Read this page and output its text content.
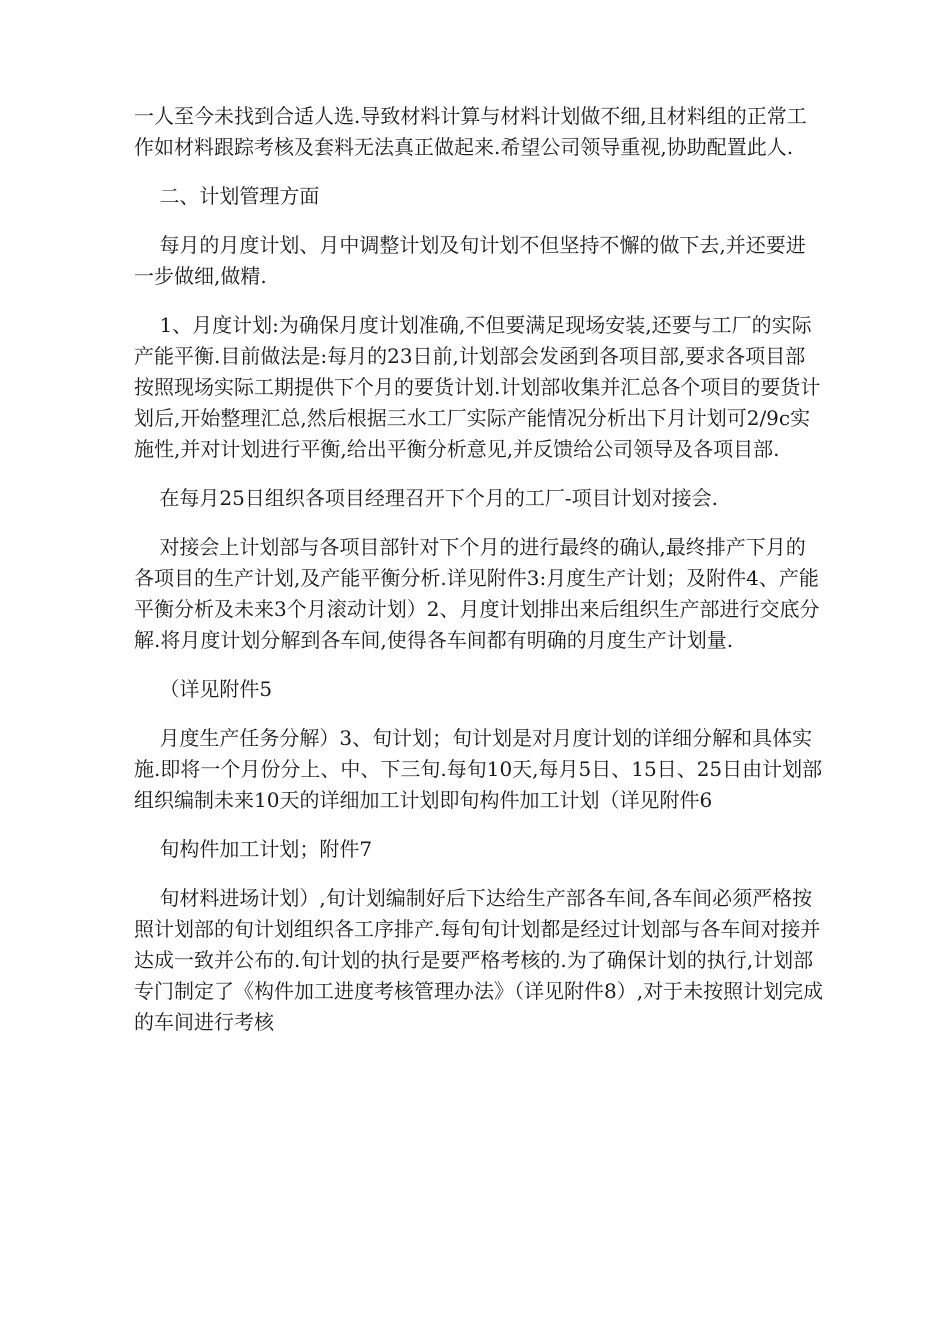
一人至今未找到合适人选.导致材料计算与材料计划做不细,且材料组的正常工作如材料跟踪考核及套料无法真正做起来.希望公司领导重视,协助配置此人.

二、计划管理方面

每月的月度计划、月中调整计划及旬计划不但坚持不懈的做下去,并还要进一步做细,做精.

1、月度计划:为确保月度计划准确,不但要满足现场安装,还要与工厂的实际产能平衡.目前做法是:每月的23日前,计划部会发函到各项目部,要求各项目部按照现场实际工期提供下个月的要货计划.计划部收集并汇总各个项目的要货计划后,开始整理汇总,然后根据三水工厂实际产能情况分析出下月计划可2/9c实施性,并对计划进行平衡,给出平衡分析意见,并反馈给公司领导及各项目部.

在每月25日组织各项目经理召开下个月的工厂-项目计划对接会.

对接会上计划部与各项目部针对下个月的进行最终的确认,最终排产下月的各项目的生产计划,及产能平衡分析.详见附件3:月度生产计划；及附件4、产能平衡分析及未来3个月滚动计划）2、月度计划排出来后组织生产部进行交底分解.将月度计划分解到各车间,使得各车间都有明确的月度生产计划量.

（详见附件5

月度生产任务分解）3、旬计划；旬计划是对月度计划的详细分解和具体实施.即将一个月份分上、中、下三旬.每旬10天,每月5日、15日、25日由计划部组织编制未来10天的详细加工计划即旬构件加工计划（详见附件6

旬构件加工计划；附件7

旬材料进场计划）,旬计划编制好后下达给生产部各车间,各车间必须严格按照计划部的旬计划组织各工序排产.每旬旬计划都是经过计划部与各车间对接并达成一致并公布的.旬计划的执行是要严格考核的.为了确保计划的执行,计划部专门制定了《构件加工进度考核管理办法》（详见附件8）,对于未按照计划完成的车间进行考核
